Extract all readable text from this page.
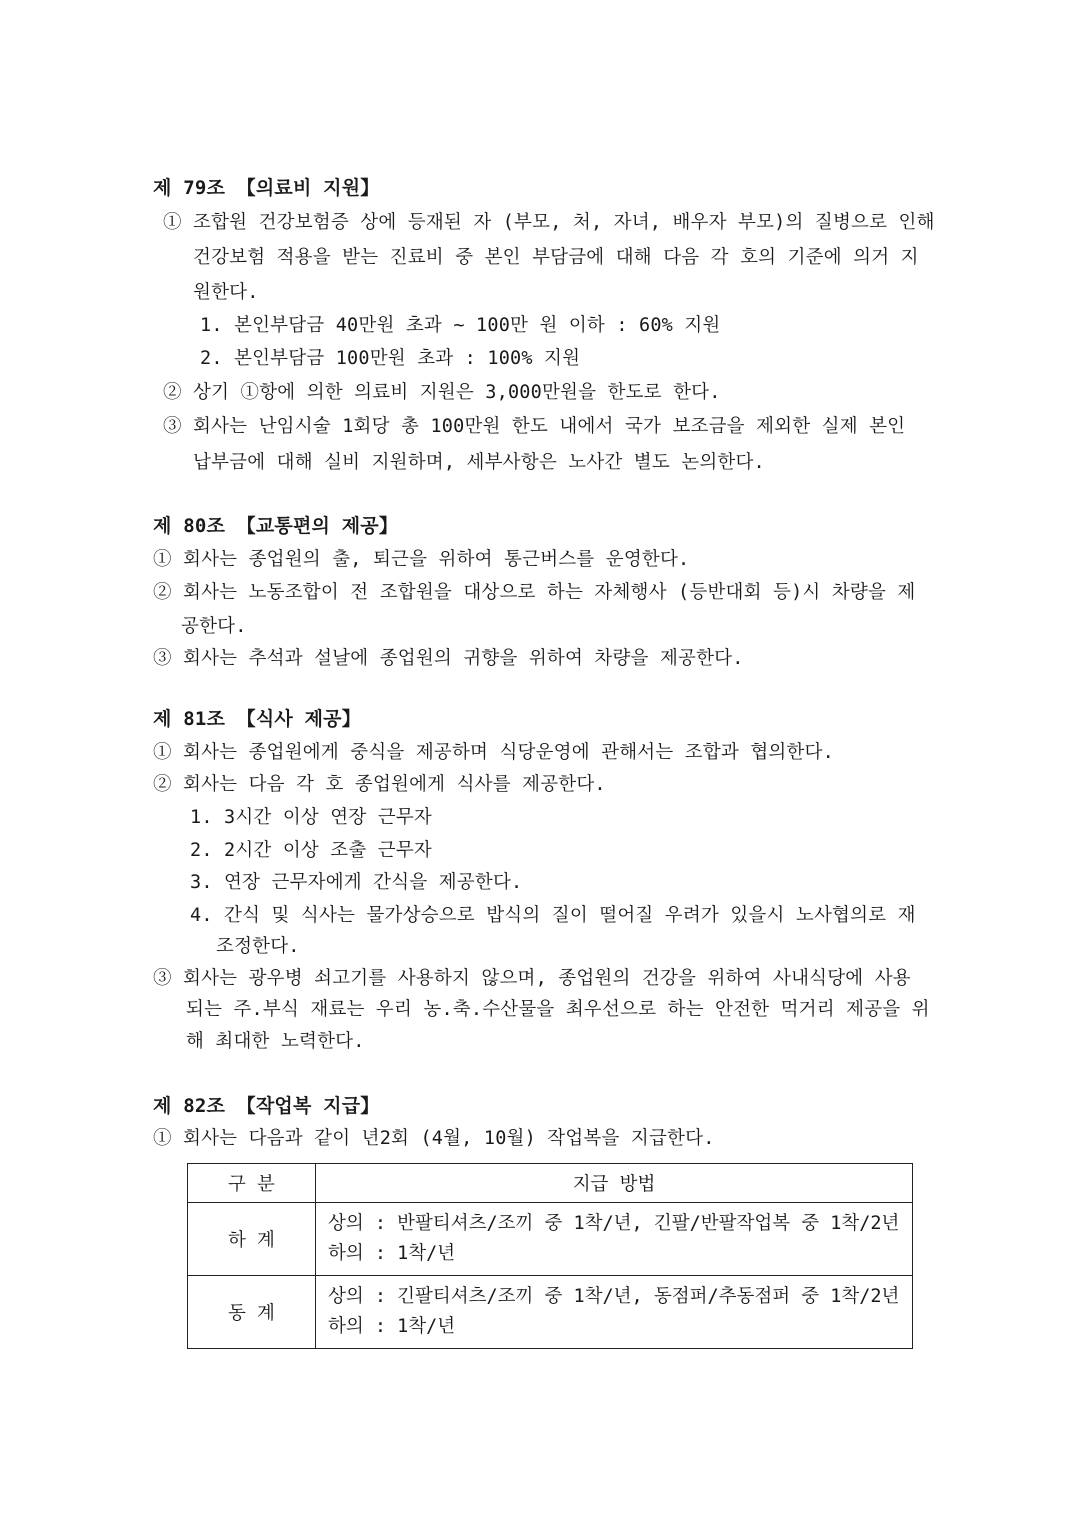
제 79조 【의료비 지원】
① 조합원 건강보험증 상에 등재된 자 (부모, 처, 자녀, 배우자 부모)의 질병으로 인해
건강보험 적용을 받는 진료비 중 본인 부담금에 대해 다음 각 호의 기준에 의거 지
원한다.
1. 본인부담금 40만원 초과 ~ 100만 원 이하 : 60% 지원
2. 본인부담금 100만원 초과 : 100% 지원
② 상기 ①항에 의한 의료비 지원은 3,000만원을 한도로 한다.
③ 회사는 난임시술 1회당 총 100만원 한도 내에서 국가 보조금을 제외한 실제 본인
납부금에 대해 실비 지원하며, 세부사항은 노사간 별도 논의한다.
제 80조 【교통편의 제공】
① 회사는 종업원의 출, 퇴근을 위하여 통근버스를 운영한다.
② 회사는 노동조합이 전 조합원을 대상으로 하는 자체행사 (등반대회 등)시 차량을 제
공한다.
③ 회사는 추석과 설날에 종업원의 귀향을 위하여 차량을 제공한다.
제 81조 【식사 제공】
① 회사는 종업원에게 중식을 제공하며 식당운영에 관해서는 조합과 협의한다.
② 회사는 다음 각 호 종업원에게 식사를 제공한다.
1. 3시간 이상 연장 근무자
2. 2시간 이상 조출 근무자
3. 연장 근무자에게 간식을 제공한다.
4. 간식 및 식사는 물가상승으로 밥식의 질이 떨어질 우려가 있을시 노사협의로 재
조정한다.
③ 회사는 광우병 쇠고기를 사용하지 않으며, 종업원의 건강을 위하여 사내식당에 사용
되는 주.부식 재료는 우리 농.축.수산물을 최우선으로 하는 안전한 먹거리 제공을 위
해 최대한 노력한다.
제 82조 【작업복 지급】
① 회사는 다음과 같이 년2회 (4월, 10월) 작업복을 지급한다.
구 분	지급 방법
하 계	상의 : 반팔티셔츠/조끼 중 1착/년, 긴팔/반팔작업복 중 1착/2년
하의 : 1착/년

동 계	상의 : 긴팔티셔츠/조끼 중 1착/년, 동점퍼/추동점퍼 중 1착/2년
하의 : 1착/년
